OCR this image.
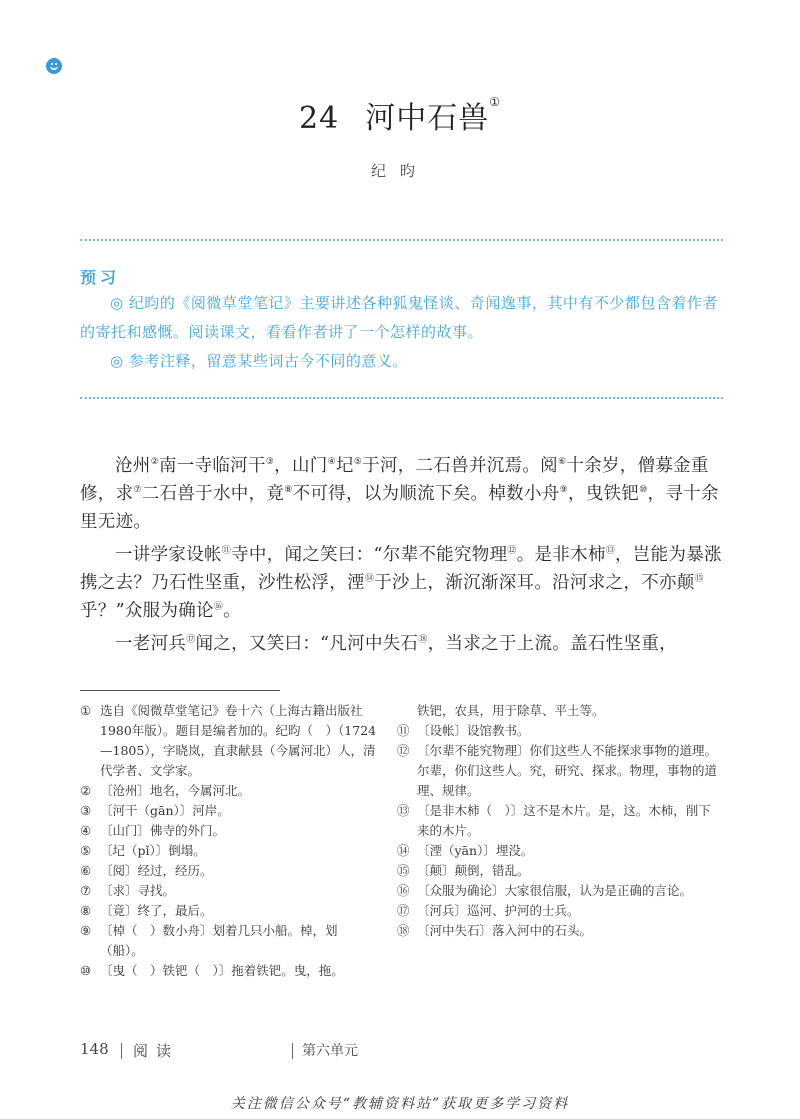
24 河中石兽①
纪昀
预习
◎ 纪昀的《阅微草堂笔记》主要讲述各种狐鬼怪谈、奇闻逸事，其中有不少都包含着作者的寄托和感慨。阅读课文，看看作者讲了一个怎样的故事。
◎ 参考注释，留意某些词古今不同的意义。
沧州②南一寺临河干③，山门④圮⑤于河，二石兽并沉焉。阅⑥十余岁，僧募金重修，求⑦二石兽于水中，竟⑧不可得，以为顺流下矣。棹数小舟⑨，曳铁钯⑩，寻十余里无迹。
一讲学家设帐⑪寺中，闻之笑曰：“尔辈不能究物理⑫。是非木柿⑬，岂能为暴涨携之去？乃石性坚重，沙性松浮，湮⑭于沙上，渐沉渐深耳。沿河求之，不亦颠⑮乎？”众服为确论⑯。
一老河兵⑰闻之，又笑曰：“凡河中失石⑱，当求之于上流。盖石性坚重，
① 选自《阅微草堂笔记》卷十六（上海古籍出版社1980年版）。题目是编者加的。纪昀（　）（1724—1805），字晓岚，直隶献县（今属河北）人，清代学者、文学家。
② 〔沧州〕地名，今属河北。
③ 〔河干（gān）〕河岸。
④ 〔山门〕佛寺的外门。
⑤ 〔圮（pǐ）〕倒塌。
⑥ 〔阅〕经过，经历。
⑦ 〔求〕寻找。
⑧ 〔竟〕终了，最后。
⑨ 〔棹（　）数小舟〕划着几只小船。棹，划（船）。
⑩ 〔曳（　）铁钯（　）〕拖着铁钯。曳，拖。
铁钯，农具，用于除草、平土等。
⑪ 〔设帐〕设馆教书。
⑫ 〔尔辈不能究物理〕你们这些人不能探求事物的道理。尔辈，你们这些人。究，研究、探求。物理，事物的道理、规律。
⑬ 〔是非木柿（　）〕这不是木片。是，这。木柿，削下来的木片。
⑭ 〔湮（yān）〕埋没。
⑮ 〔颠〕颠倒，错乱。
⑯ 〔众服为确论〕大家很信服，认为是正确的言论。
⑰ 〔河兵〕巡河、护河的士兵。
⑱ 〔河中失石〕落入河中的石头。
148 阅读	第六单元
关注微信公众号“教辅资料站”获取更多学习资料
